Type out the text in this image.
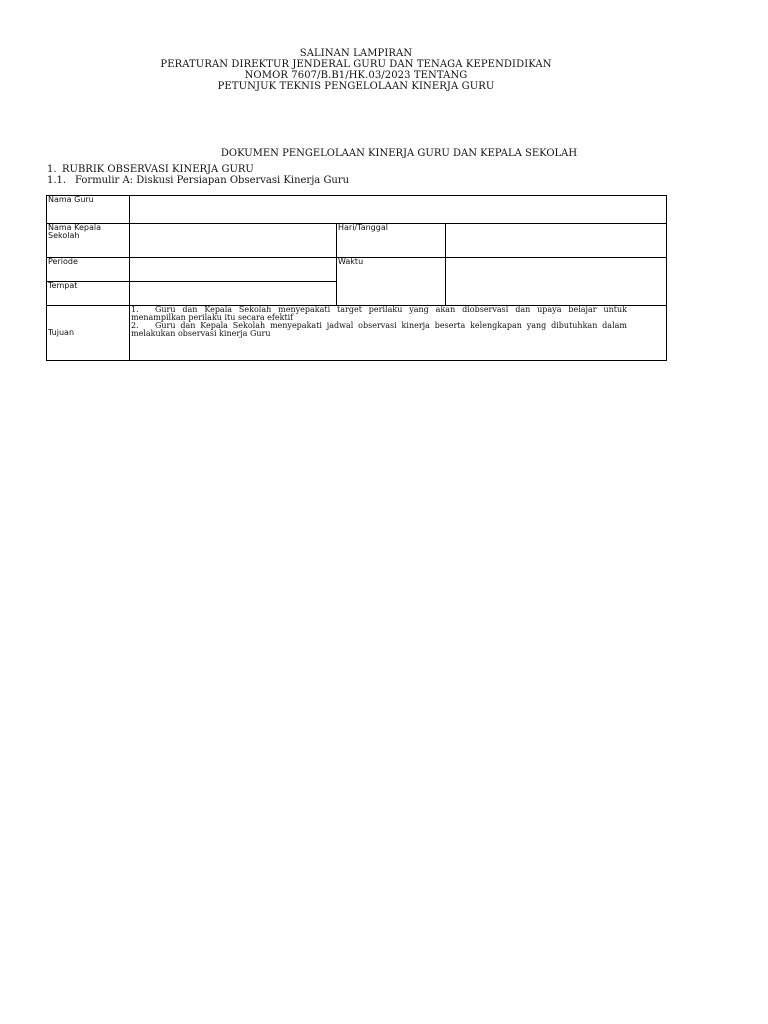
SALINAN LAMPIRAN
PERATURAN DIREKTUR JENDERAL GURU DAN TENAGA KEPENDIDIKAN
NOMOR 7607/B.B1/HK.03/2023 TENTANG
PETUNJUK TEKNIS PENGELOLAAN KINERJA GURU
DOKUMEN PENGELOLAAN KINERJA GURU DAN KEPALA SEKOLAH
1. RUBRIK OBSERVASI KINERJA GURU
1.1. Formulir A: Diskusi Persiapan Observasi Kinerja Guru
Nama Guru			
Nama Kepala Sekolah		Hari/Tanggal	
Periode		Waktu	
Tempat			
Tujuan	1. Guru dan Kepala Sekolah menyepakati target perilaku yang akan diobservasi dan upaya belajar untuk menampilkan perilaku itu secara efektif
2. Guru dan Kepala Sekolah menyepakati jadwal observasi kinerja beserta kelengkapan yang dibutuhkan dalam melakukan observasi kinerja Guru		
